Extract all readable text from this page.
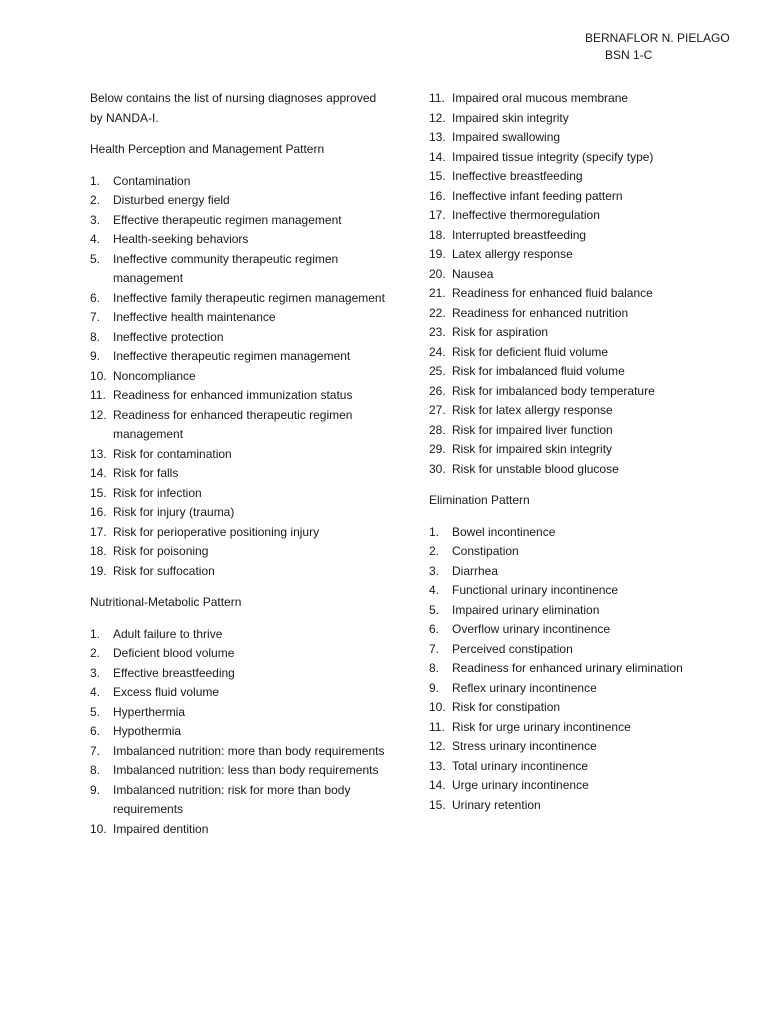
BERNAFLOR N. PIELAGO
BSN 1-C

Below contains the list of nursing diagnoses approved by NANDA-I.

Health Perception and Management Pattern

1.	Contamination
2.	Disturbed energy field
3.	Effective therapeutic regimen management
4.	Health-seeking behaviors
5.	Ineffective community therapeutic regimen management
6.	Ineffective family therapeutic regimen management
7.	Ineffective health maintenance
8.	Ineffective protection
9.	Ineffective therapeutic regimen management
10. Noncompliance
11. Readiness for enhanced immunization status
12. Readiness for enhanced therapeutic regimen management
13. Risk for contamination
14. Risk for falls
15. Risk for infection
16. Risk for injury (trauma)
17. Risk for perioperative positioning injury
18. Risk for poisoning
19. Risk for suffocation

Nutritional-Metabolic Pattern

1.	Adult failure to thrive
2.	Deficient blood volume
3.	Effective breastfeeding
4.	Excess fluid volume
5.	Hyperthermia
6.	Hypothermia
7.	Imbalanced nutrition: more than body requirements
8.	Imbalanced nutrition: less than body requirements
9.	Imbalanced nutrition: risk for more than body requirements
10. Impaired dentition
11. Impaired oral mucous membrane
12. Impaired skin integrity
13. Impaired swallowing
14. Impaired tissue integrity (specify type)
15. Ineffective breastfeeding
16. Ineffective infant feeding pattern
17. Ineffective thermoregulation
18. Interrupted breastfeeding
19. Latex allergy response
20. Nausea
21. Readiness for enhanced fluid balance
22. Readiness for enhanced nutrition
23. Risk for aspiration
24. Risk for deficient fluid volume
25. Risk for imbalanced fluid volume
26. Risk for imbalanced body temperature
27. Risk for latex allergy response
28. Risk for impaired liver function
29. Risk for impaired skin integrity
30. Risk for unstable blood glucose

Elimination Pattern

1.	Bowel incontinence
2.	Constipation
3.	Diarrhea
4.	Functional urinary incontinence
5.	Impaired urinary elimination
6.	Overflow urinary incontinence
7.	Perceived constipation
8.	Readiness for enhanced urinary elimination
9.	Reflex urinary incontinence
10. Risk for constipation
11. Risk for urge urinary incontinence
12. Stress urinary incontinence
13. Total urinary incontinence
14. Urge urinary incontinence
15. Urinary retention
